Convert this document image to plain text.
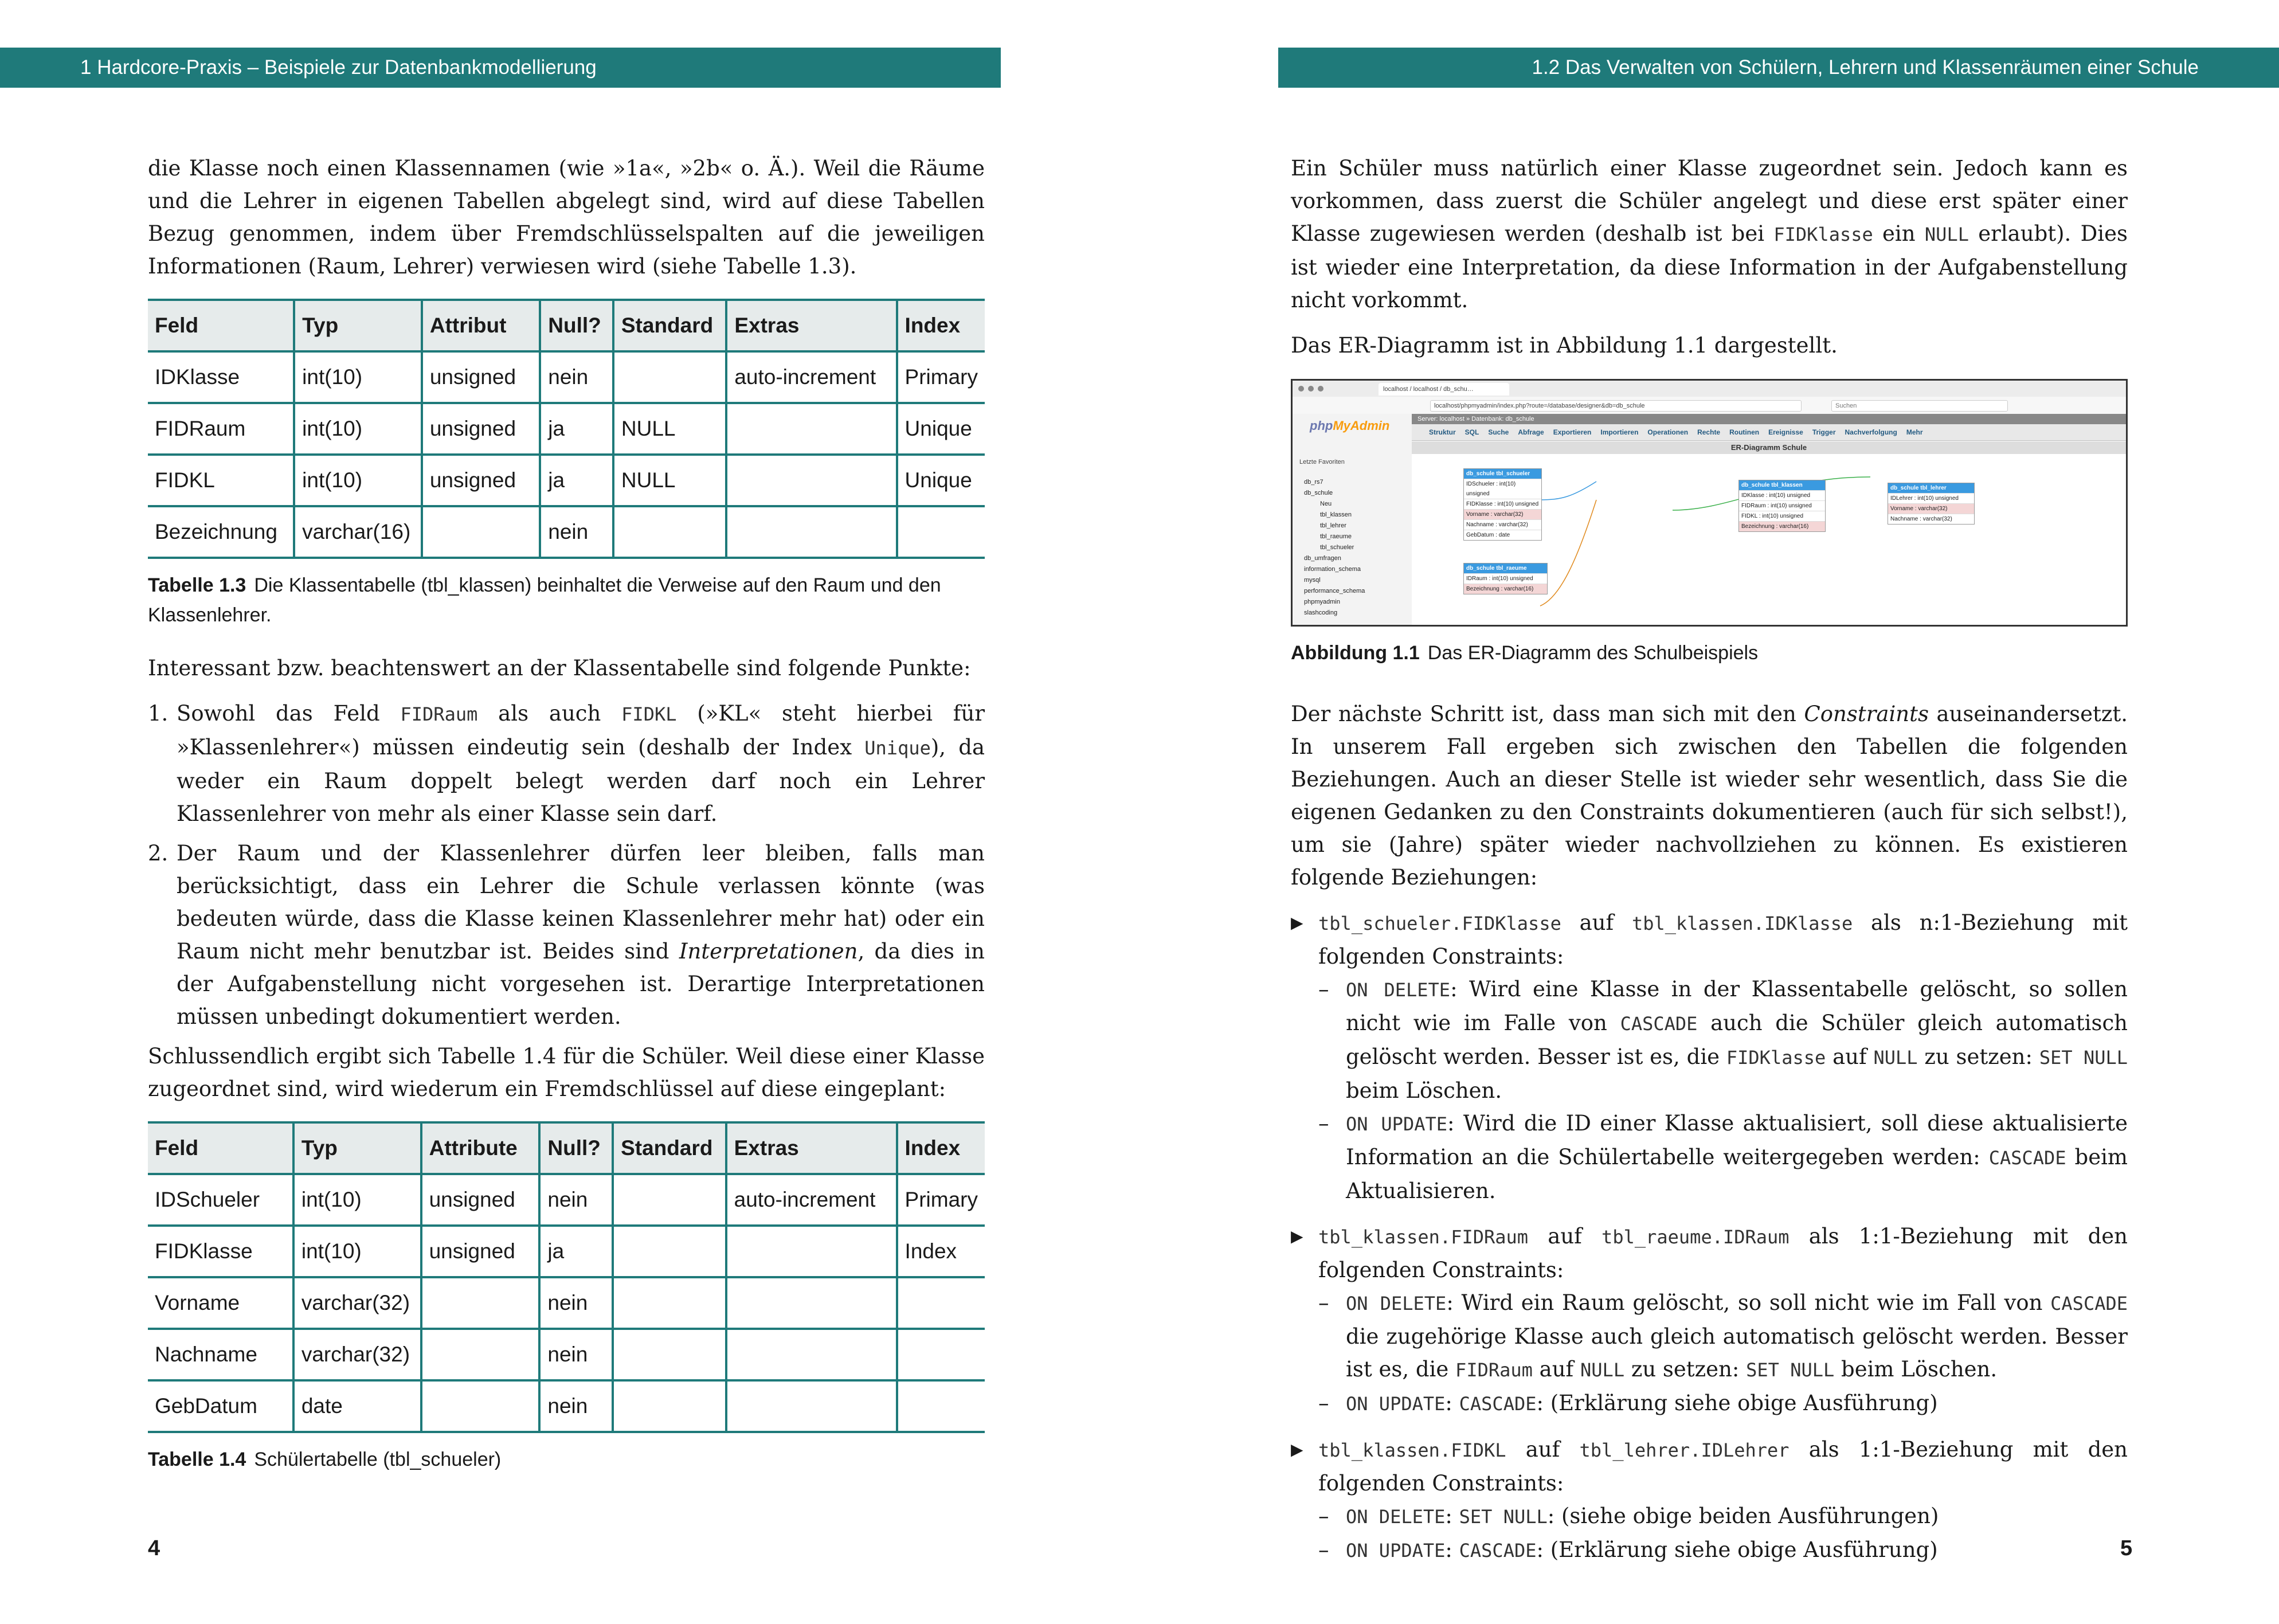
1 Hardcore-Praxis – Beispiele zur Datenbankmodellierung

die Klasse noch einen Klassennamen (wie »1a«, »2b« o. Ä.). Weil die Räume und die Lehrer in eigenen Tabellen abgelegt sind, wird auf diese Tabellen Bezug genommen, indem über Fremdschlüsselspalten auf die jeweiligen Informationen (Raum, Lehrer) verwiesen wird (siehe Tabelle 1.3).

Feld	Typ	Attribut	Null?	Standard	Extras	Index
IDKlasse	int(10)	unsigned	nein		auto-increment	Primary
FIDRaum	int(10)	unsigned	ja	NULL		Unique
FIDKL	int(10)	unsigned	ja	NULL		Unique
Bezeichnung	varchar(16)		nein			
Tabelle 1.3 Die Klassentabelle (tbl_klassen) beinhaltet die Verweise auf den Raum und den Klassenlehrer.

Interessant bzw. beachtenswert an der Klassentabelle sind folgende Punkte:

1. Sowohl das Feld FIDRaum als auch FIDKL (»KL« steht hierbei für »Klassenlehrer«) müssen eindeutig sein (deshalb der Index Unique), da weder ein Raum doppelt belegt werden darf noch ein Lehrer Klassenlehrer von mehr als einer Klasse sein darf.
2. Der Raum und der Klassenlehrer dürfen leer bleiben, falls man berücksichtigt, dass ein Lehrer die Schule verlassen könnte (was bedeuten würde, dass die Klasse keinen Klassenlehrer mehr hat) oder ein Raum nicht mehr benutzbar ist. Beides sind Interpretationen, da dies in der Aufgabenstellung nicht vorgesehen ist. Derartige Interpretationen müssen unbedingt dokumentiert werden.

Schlussendlich ergibt sich Tabelle 1.4 für die Schüler. Weil diese einer Klasse zugeordnet sind, wird wiederum ein Fremdschlüssel auf diese eingeplant:

Feld	Typ	Attribute	Null?	Standard	Extras	Index
IDSchueler	int(10)	unsigned	nein		auto-increment	Primary
FIDKlasse	int(10)	unsigned	ja			Index
Vorname	varchar(32)		nein			
Nachname	varchar(32)		nein			
GebDatum	date		nein			
Tabelle 1.4 Schülertabelle (tbl_schueler)
4
1.2 Das Verwalten von Schülern, Lehrern und Klassenräumen einer Schule

Ein Schüler muss natürlich einer Klasse zugeordnet sein. Jedoch kann es vorkommen, dass zuerst die Schüler angelegt und diese erst später einer Klasse zugewiesen werden (deshalb ist bei FIDKlasse ein NULL erlaubt). Dies ist wieder eine Interpretation, da diese Information in der Aufgabenstellung nicht vorkommt.

Das ER-Diagramm ist in Abbildung 1.1 dargestellt.

localhost / localhost / db_schu…
localhost/phpmyadmin/index.php?route=/database/designer&db=db_schule	Suchen
phpMyAdmin
Letzte Favoriten
db_rs7
db_schule
Neu
tbl_klassen
tbl_lehrer
tbl_raeume
tbl_schueler
db_umfragen
information_schema
mysql
performance_schema
phpmyadmin
slashcoding
Server: localhost » Datenbank: db_schule
Struktur SQL Suche Abfrage Exportieren Importieren Operationen Rechte Routinen Ereignisse Trigger Nachverfolgung Mehr
ER-Diagramm Schule
db_schule tbl_schueler
IDSchueler : int(10) unsigned
FIDKlasse : int(10) unsigned
Vorname : varchar(32)
Nachname : varchar(32)
GebDatum : date
db_schule tbl_klassen
IDKlasse : int(10) unsigned
FIDRaum : int(10) unsigned
FIDKL : int(10) unsigned
Bezeichnung : varchar(16)
db_schule tbl_lehrer
IDLehrer : int(10) unsigned
Vorname : varchar(32)
Nachname : varchar(32)
db_schule tbl_raeume
IDRaum : int(10) unsigned
Bezeichnung : varchar(16)
Abbildung 1.1 Das ER-Diagramm des Schulbeispiels

Der nächste Schritt ist, dass man sich mit den Constraints auseinandersetzt. In unserem Fall ergeben sich zwischen den Tabellen die folgenden Beziehungen. Auch an dieser Stelle ist wieder sehr wesentlich, dass Sie die eigenen Gedanken zu den Constraints dokumentieren (auch für sich selbst!), um sie (Jahre) später wieder nachvollziehen zu können. Es existieren folgende Beziehungen:

▶ tbl_schueler.FIDKlasse auf tbl_klassen.IDKlasse als n:1-Beziehung mit folgenden Constraints:
– ON DELETE: Wird eine Klasse in der Klassentabelle gelöscht, so sollen nicht wie im Falle von CASCADE auch die Schüler gleich automatisch gelöscht werden. Besser ist es, die FIDKlasse auf NULL zu setzen: SET NULL beim Löschen.
– ON UPDATE: Wird die ID einer Klasse aktualisiert, soll diese aktualisierte Information an die Schülertabelle weitergegeben werden: CASCADE beim Aktualisieren.
▶ tbl_klassen.FIDRaum auf tbl_raeume.IDRaum als 1:1-Beziehung mit den folgenden Constraints:
– ON DELETE: Wird ein Raum gelöscht, so soll nicht wie im Fall von CASCADE die zugehörige Klasse auch gleich automatisch gelöscht werden. Besser ist es, die FIDRaum auf NULL zu setzen: SET NULL beim Löschen.
– ON UPDATE: CASCADE: (Erklärung siehe obige Ausführung)
▶ tbl_klassen.FIDKL auf tbl_lehrer.IDLehrer als 1:1-Beziehung mit den folgenden Constraints:
– ON DELETE: SET NULL: (siehe obige beiden Ausführungen)
– ON UPDATE: CASCADE: (Erklärung siehe obige Ausführung)	5
